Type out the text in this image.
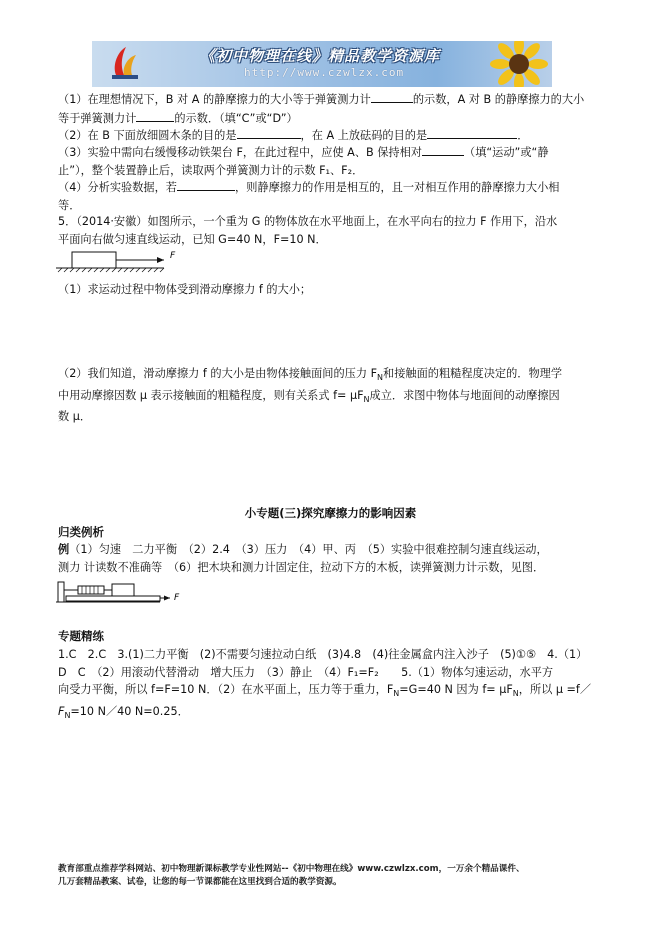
《初中物理在线》精品教学资源库
http://www.czwlzx.com

（1）在理想情况下，B 对 A 的静摩擦力的大小等于弹簧测力计	的示数，A 对 B 的静摩擦力的大小
等于弹簧测力计	的示数．（填“C”或“D”）

（2）在 B 下面放细圆木条的目的是	，在 A 上放砝码的目的是	．

（3）实验中需向右缓慢移动铁架台 F，在此过程中，应使 A、B 保持相对	（填“运动”或“静
止”），整个装置静止后，读取两个弹簧测力计的示数 F₁、F₂．

（4）分析实验数据，若	，则静摩擦力的作用是相互的，且一对相互作用的静摩擦力大小相
等．

5．（2014·安徽）如图所示，一个重为 G 的物体放在水平地面上，在水平向右的拉力 F 作用下，沿水
平面向右做匀速直线运动，已知 G=40 N，F=10 N．

F

（1）求运动过程中物体受到滑动摩擦力 f 的大小；

（2）我们知道，滑动摩擦力 f 的大小是由物体接触面间的压力 $F_N$和接触面的粗糙程度决定的．物理学
中用动摩擦因数 μ 表示接触面的粗糙程度，则有关系式 $f= \mu F_N$成立．求图中物体与地面间的动摩擦因
数 μ．

小专题(三)探究摩擦力的影响因素
归类例析

例（1）匀速　二力平衡　（2）2.4　（3）压力　（4）甲、丙　（5）实验中很难控制匀速直线运动，
测力 计读数不准确等　（6）把木块和测力计固定住，拉动下方的木板，读弹簧测力计示数，见图．

F
专题精练

1.C　2.C　3.(1)二力平衡　(2)不需要匀速拉动白纸　(3)4.8　(4)往金属盒内注入沙子　(5)①⑤　4.（1）
D　C　（2）用滚动代替滑动　增大压力　（3）静止　（4）F₁=F₂　　5.（1）物体匀速运动，水平方
向受力平衡，所以 f=F=10 N．（2）在水平面上，压力等于重力，$F_N=G=40$ N 因为 $f= \mu F_N$，所以 μ =f／
$F_N=10$ N／40 N=0.25．

教育部重点推荐学科网站、初中物理新课标教学专业性网站--《初中物理在线》www.czwlzx.com，一万余个精品课件、
几万套精品教案、试卷，让您的每一节课都能在这里找到合适的教学资源。
